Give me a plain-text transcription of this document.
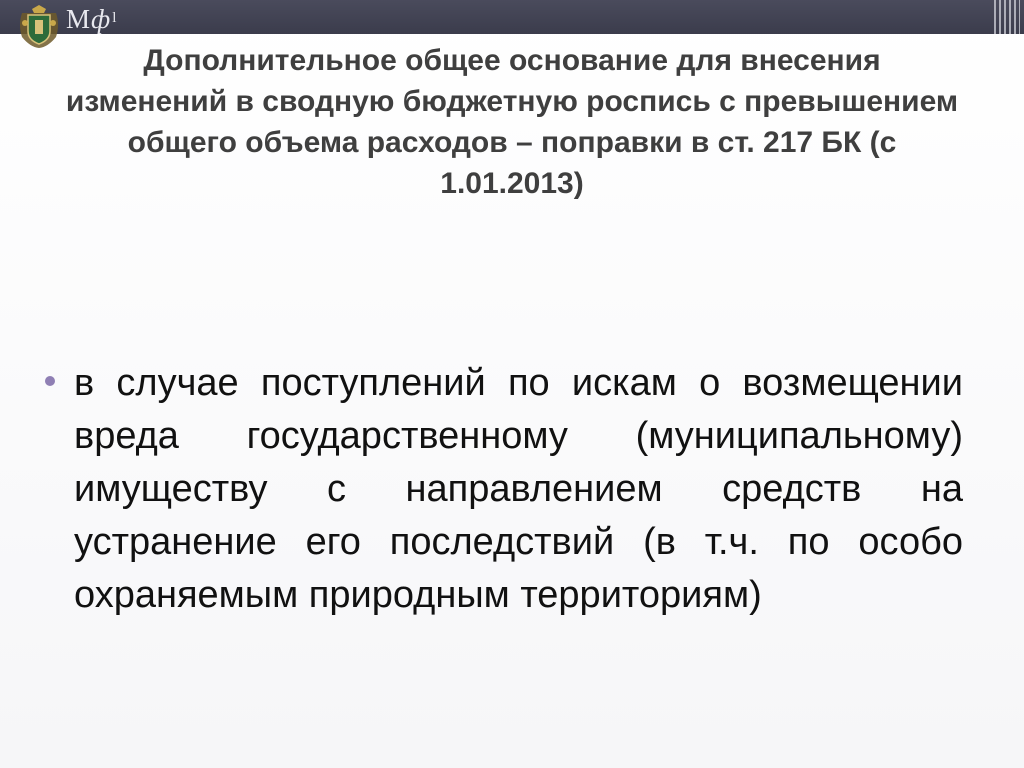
$Мф^l$
Дополнительное общее основание для внесения изменений в сводную бюджетную роспись с превышением общего объема расходов – поправки в ст. 217 БК (с 1.01.2013)
в случае поступлений по искам о возмещении вреда государственному (муниципальному) имуществу с направлением средств на устранение его последствий (в т.ч. по особо охраняемым природным территориям)
